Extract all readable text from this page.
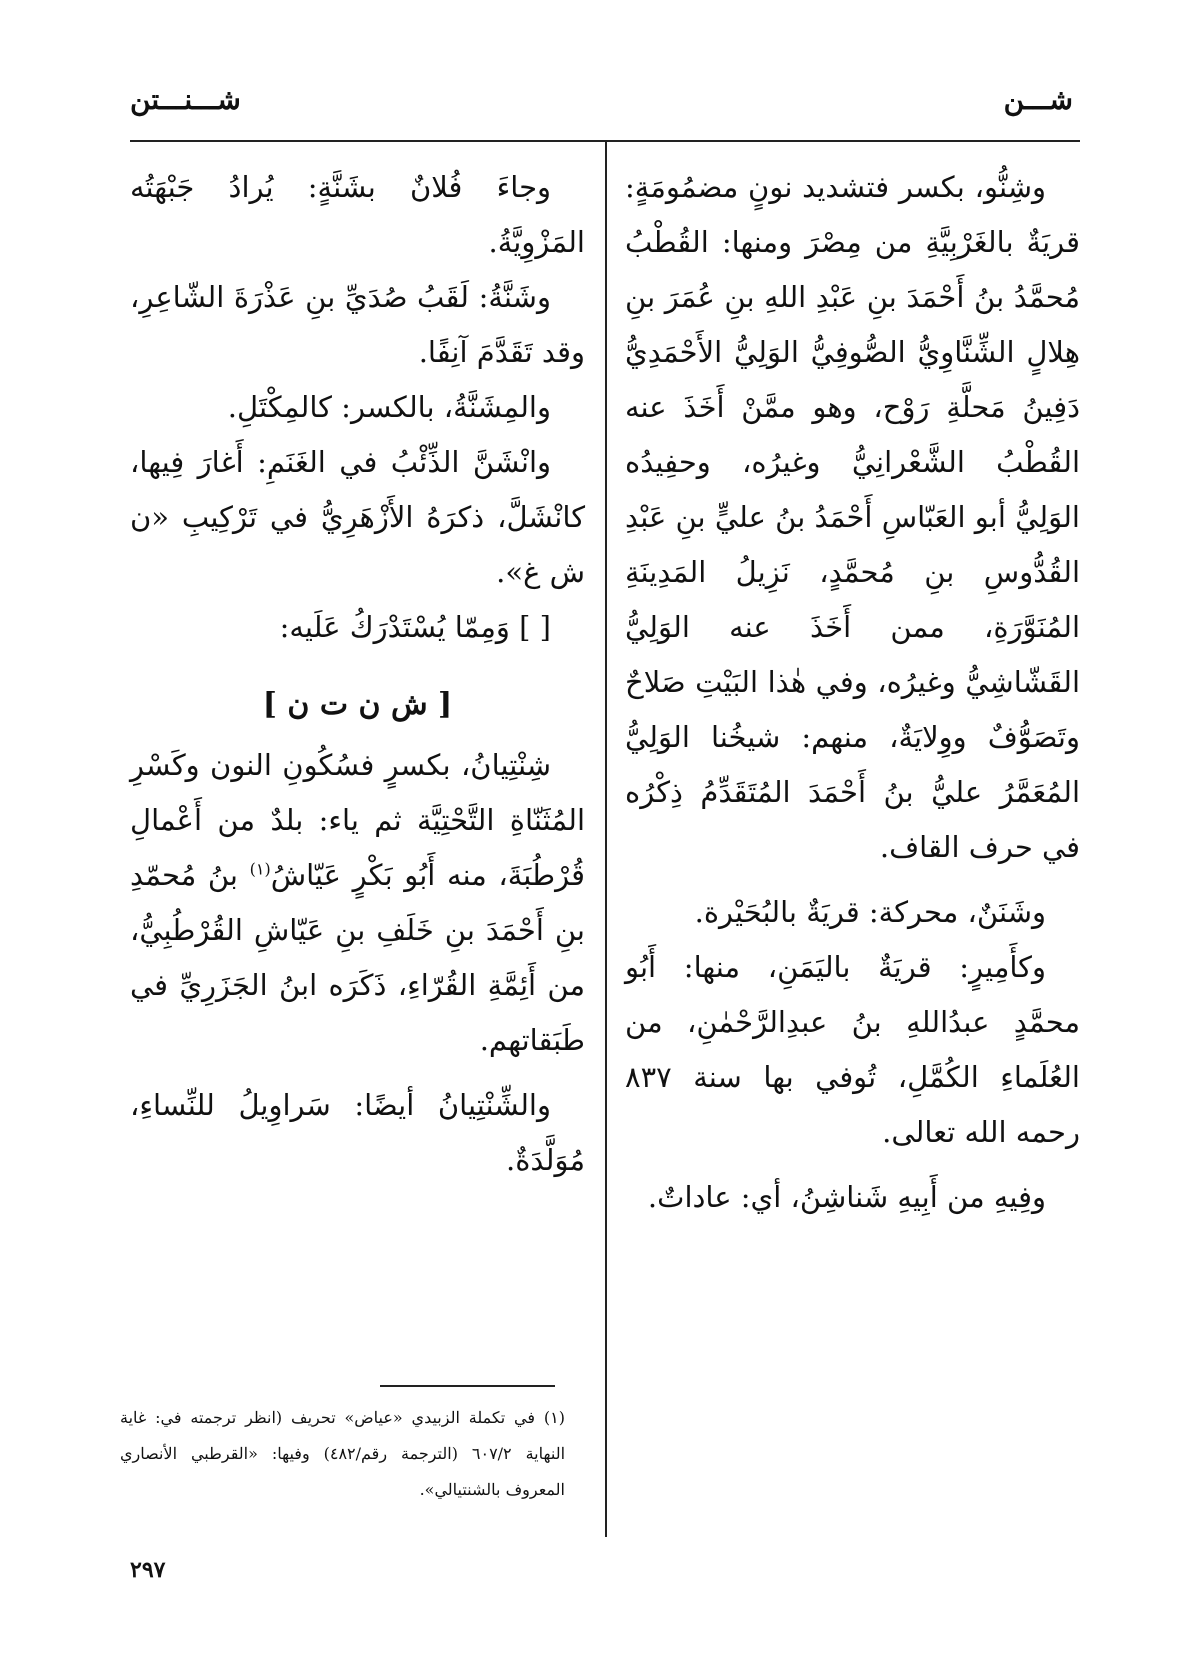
شـــن
شـــنـــتن

وشِنُّو، بكسر فتشديد نونٍ مضمُومَةٍ: قريَةٌ بالغَرْبِيَّةِ من مِصْرَ ومنها: القُطْبُ مُحمَّدُ بنُ أَحْمَدَ بنِ عَبْدِ اللهِ بنِ عُمَرَ بنِ هِلالٍ الشِّنَّاوِيُّ الصُّوفِيُّ الوَلِيُّ الأَحْمَدِيُّ دَفِينُ مَحلَّةِ رَوْح، وهو ممَّنْ أَخَذَ عنه القُطْبُ الشَّعْرانِيُّ وغيرُه، وحفِيدُه الوَلِيُّ أبو العَبّاسِ أَحْمَدُ بنُ عليٍّ بنِ عَبْدِ القُدُّوسِ بنِ مُحمَّدٍ، نَزِيلُ المَدِينَةِ المُنَوَّرَةِ، ممن أَخَذَ عنه الوَلِيُّ القَشّاشِيُّ وغيرُه، وفي هٰذا البَيْتِ صَلاحٌ وتَصَوُّفٌ ووِلايَةٌ، منهم: شيخُنا الوَلِيُّ المُعَمَّرُ عليُّ بنُ أَحْمَدَ المُتَقَدِّمُ ذِكْرُه في حرف القاف.

وشَنَنٌ، محركة: قريَةٌ بالبُحَيْرة.

وكأَمِيرٍ: قريَةٌ باليَمَنِ، منها: أَبُو محمَّدٍ عبدُاللهِ بنُ عبدِالرَّحْمٰنِ، من العُلَماءِ الكُمَّلِ، تُوفي بها سنة ٨٣٧ رحمه الله تعالى.

وفِيهِ من أَبِيهِ شَناشِنُ، أي: عاداتٌ.

وجاءَ فُلانٌ بشَنَّةٍ: يُرادُ جَبْهَتُه المَزْوِيَّةُ.

وشَنَّةُ: لَقَبُ صُدَيِّ بنِ عَذْرَةَ الشّاعِرِ، وقد تَقَدَّمَ آنِفًا.

والمِشَنَّةُ، بالكسر: كالمِكْتَلِ.

وانْشَنَّ الذِّئْبُ في الغَنَمِ: أَغارَ فِيها، كانْشَلَّ، ذكرَهُ الأَزْهَرِيُّ في تَرْكِيبِ «ن ش غ».

[ ] وَمِمّا يُسْتَدْرَكُ عَلَيه:

[ ش ن ت ن ]

شِنْتِيانُ، بكسرٍ فسُكُونِ النون وكَسْرِ المُثَنّاةِ التَّحْتِيَّة ثم ياء: بلدٌ من أَعْمالِ قُرْطُبَةَ، منه أَبُو بَكْرٍ عَيّاشُ$^{(١)}$ بنُ مُحمّدِ بنِ أَحْمَدَ بنِ خَلَفِ بنِ عَيّاشِ القُرْطُبِيُّ، من أَئِمَّةِ القُرّاءِ، ذَكَرَه ابنُ الجَزَرِيِّ في طَبَقاتهم.

والشِّنْتِيانُ أيضًا: سَراوِيلُ للنِّساءِ، مُوَلَّدَةٌ.

(١) في تكملة الزبيدي «عياض» تحريف (انظر ترجمته في: غاية النهاية ٦٠٧/٢ (الترجمة رقم/٤٨٢) وفيها: «القرطبي الأنصاري المعروف بالشنتيالي».

٢٩٧
